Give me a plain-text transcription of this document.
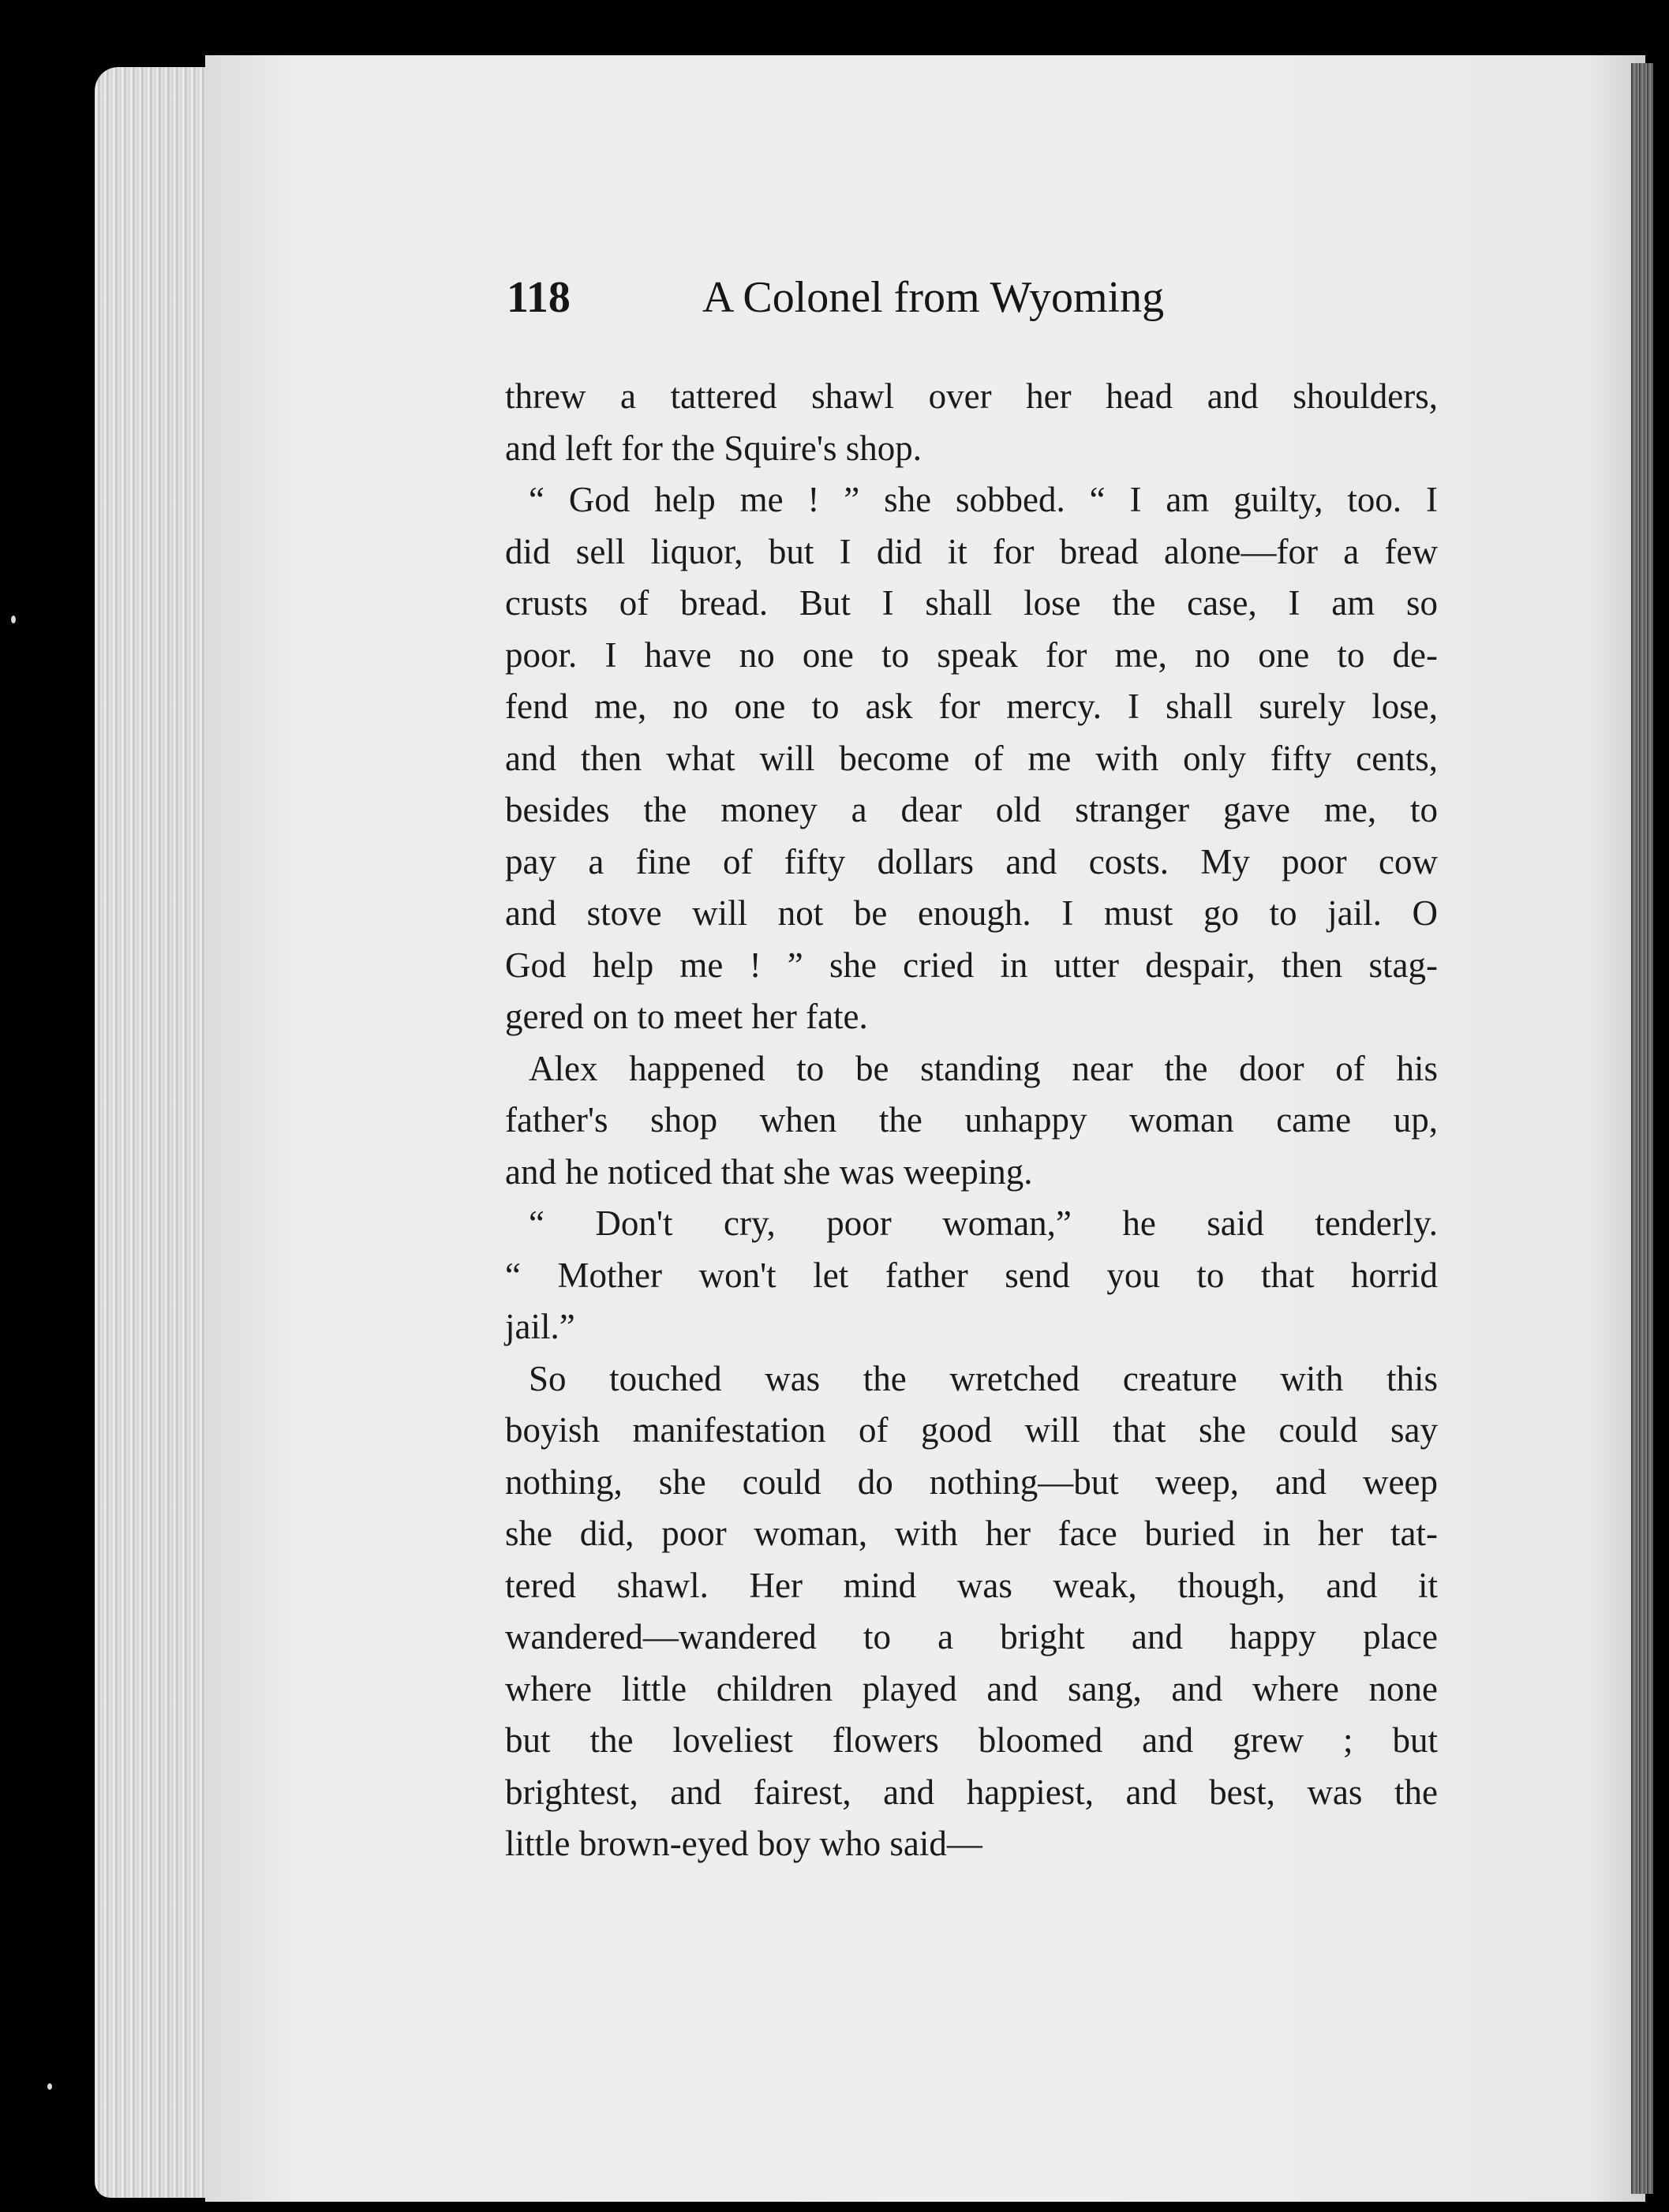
118	A Colonel from Wyoming
threw a tattered shawl over her head and shoulders,
and left for the Squire's shop.
“ God help me ! ” she sobbed. “ I am guilty, too. I
did sell liquor, but I did it for bread alone—for a few
crusts of bread. But I shall lose the case, I am so
poor. I have no one to speak for me, no one to de-
fend me, no one to ask for mercy. I shall surely lose,
and then what will become of me with only fifty cents,
besides the money a dear old stranger gave me, to
pay a fine of fifty dollars and costs. My poor cow
and stove will not be enough. I must go to jail. O
God help me ! ” she cried in utter despair, then stag-
gered on to meet her fate.
Alex happened to be standing near the door of his
father's shop when the unhappy woman came up,
and he noticed that she was weeping.
“ Don't cry, poor woman,” he said tenderly.
“ Mother won't let father send you to that horrid
jail.”
So touched was the wretched creature with this
boyish manifestation of good will that she could say
nothing, she could do nothing—but weep, and weep
she did, poor woman, with her face buried in her tat-
tered shawl. Her mind was weak, though, and it
wandered—wandered to a bright and happy place
where little children played and sang, and where none
but the loveliest flowers bloomed and grew ; but
brightest, and fairest, and happiest, and best, was the
little brown-eyed boy who said—
